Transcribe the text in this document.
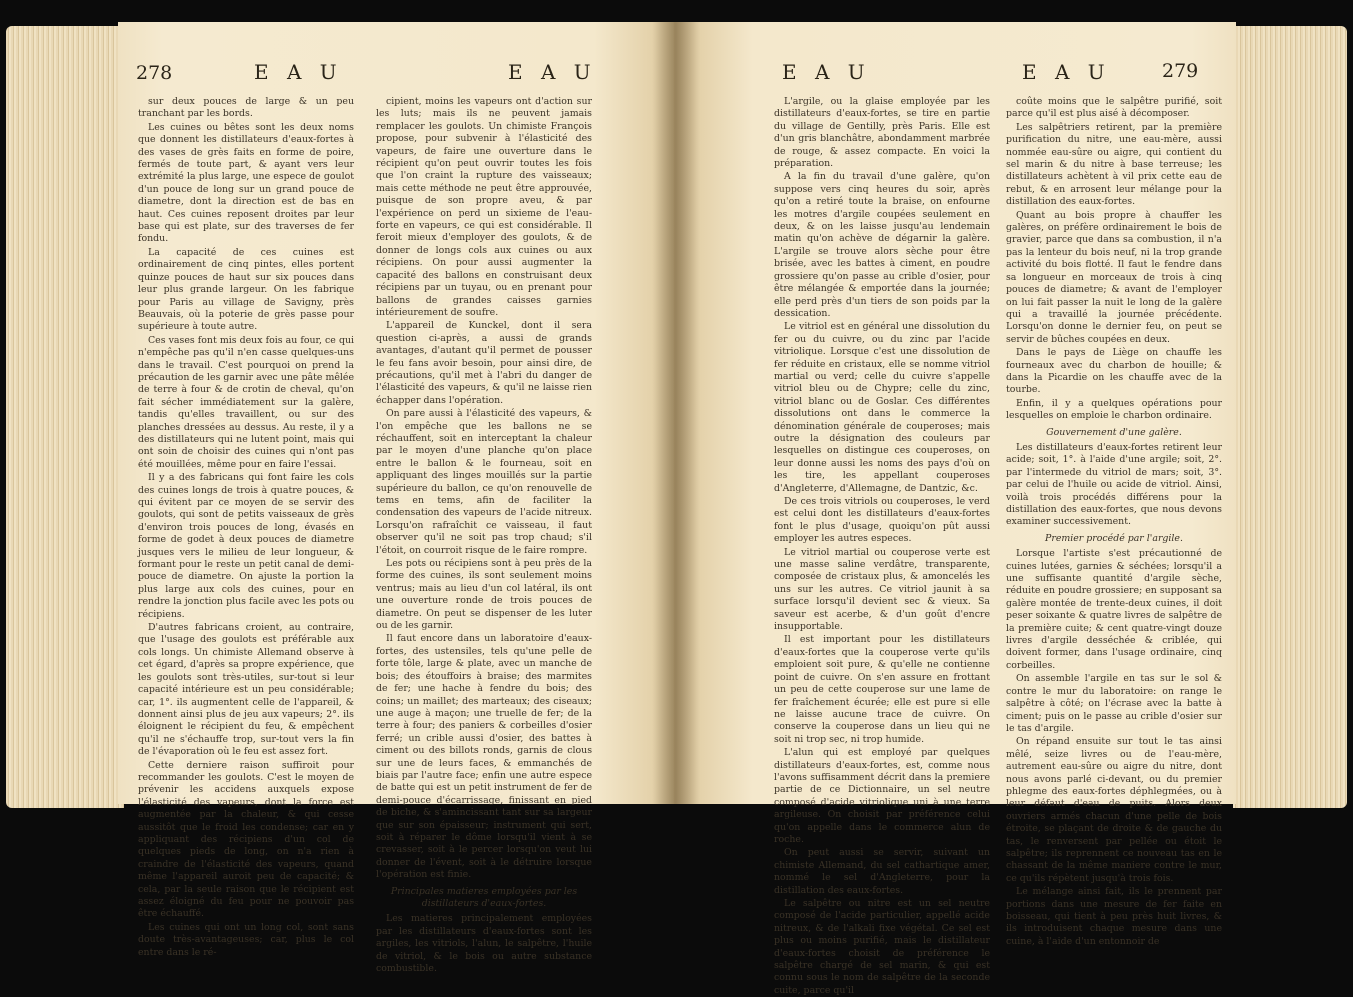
278	E A U	E A U

sur deux pouces de large & un peu tranchant par les bords.

Les cuines ou bêtes sont les deux noms que donnent les distillateurs d'eaux-fortes à des vases de grès faits en forme de poire, fermés de toute part, & ayant vers leur extrémité la plus large, une espece de goulot d'un pouce de long sur un grand pouce de diametre, dont la direction est de bas en haut. Ces cuines reposent droites par leur base qui est plate, sur des traverses de fer fondu.

La capacité de ces cuines est ordinairement de cinq pintes, elles portent quinze pouces de haut sur six pouces dans leur plus grande largeur. On les fabrique pour Paris au village de Savigny, près Beauvais, où la poterie de grès passe pour supérieure à toute autre.

Ces vases font mis deux fois au four, ce qui n'empêche pas qu'il n'en casse quelques-uns dans le travail. C'est pourquoi on prend la précaution de les garnir avec une pâte mêlée de terre à four & de crotin de cheval, qu'on fait sécher immédiatement sur la galère, tandis qu'elles travaillent, ou sur des planches dressées au dessus. Au reste, il y a des distillateurs qui ne lutent point, mais qui ont soin de choisir des cuines qui n'ont pas été mouillées, même pour en faire l'essai.

Il y a des fabricans qui font faire les cols des cuines longs de trois à quatre pouces, & qui évitent par ce moyen de se servir des goulots, qui sont de petits vaisseaux de grès d'environ trois pouces de long, évasés en forme de godet à deux pouces de diametre jusques vers le milieu de leur longueur, & formant pour le reste un petit canal de demi-pouce de diametre. On ajuste la portion la plus large aux cols des cuines, pour en rendre la jonction plus facile avec les pots ou récipiens.

D'autres fabricans croient, au contraire, que l'usage des goulots est préférable aux cols longs. Un chimiste Allemand observe à cet égard, d'après sa propre expérience, que les goulots sont très-utiles, sur-tout si leur capacité intérieure est un peu considérable; car, 1°. ils augmentent celle de l'appareil, & donnent ainsi plus de jeu aux vapeurs; 2°. ils éloignent le récipient du feu, & empêchent qu'il ne s'échauffe trop, sur-tout vers la fin de l'évaporation où le feu est assez fort.

Cette derniere raison suffiroit pour recommander les goulots. C'est le moyen de prévenir les accidens auxquels expose l'élasticité des vapeurs, dont la force est augmentée par la chaleur, & qui cesse aussitôt que le froid les condense; car en y appliquant des récipiens d'un col de quelques pieds de long, on n'a rien à craindre de l'élasticité des vapeurs, quand même l'appareil auroit peu de capacité; & cela, par la seule raison que le récipient est assez éloigné du feu pour ne pouvoir pas être échauffé.

Les cuines qui ont un long col, sont sans doute très-avantageuses; car, plus le col entre dans le ré-

cipient, moins les vapeurs ont d'action sur les luts; mais ils ne peuvent jamais remplacer les goulots. Un chimiste François propose, pour subvenir à l'élasticité des vapeurs, de faire une ouverture dans le récipient qu'on peut ouvrir toutes les fois que l'on craint la rupture des vaisseaux; mais cette méthode ne peut être approuvée, puisque de son propre aveu, & par l'expérience on perd un sixieme de l'eau-forte en vapeurs, ce qui est considérable. Il feroit mieux d'employer des goulots, & de donner de longs cols aux cuines ou aux récipiens. On pour aussi augmenter la capacité des ballons en construisant deux récipiens par un tuyau, ou en prenant pour ballons de grandes caisses garnies intérieurement de soufre.

L'appareil de Kunckel, dont il sera question ci-après, a aussi de grands avantages, d'autant qu'il permet de pousser le feu fans avoir besoin, pour ainsi dire, de précautions, qu'il met à l'abri du danger de l'élasticité des vapeurs, & qu'il ne laisse rien échapper dans l'opération.

On pare aussi à l'élasticité des vapeurs, & l'on empêche que les ballons ne se réchauffent, soit en interceptant la chaleur par le moyen d'une planche qu'on place entre le ballon & le fourneau, soit en appliquant des linges mouillés sur la partie supérieure du ballon, ce qu'on renouvelle de tems en tems, afin de faciliter la condensation des vapeurs de l'acide nitreux. Lorsqu'on rafraîchit ce vaisseau, il faut observer qu'il ne soit pas trop chaud; s'il l'étoit, on courroit risque de le faire rompre.

Les pots ou récipiens sont à peu près de la forme des cuines, ils sont seulement moins ventrus; mais au lieu d'un col latéral, ils ont une ouverture ronde de trois pouces de diametre. On peut se dispenser de les luter ou de les garnir.

Il faut encore dans un laboratoire d'eaux-fortes, des ustensiles, tels qu'une pelle de forte tôle, large & plate, avec un manche de bois; des étouffoirs à braise; des marmites de fer; une hache à fendre du bois; des coins; un maillet; des marteaux; des ciseaux; une auge à maçon; une truelle de fer; de la terre à four; des paniers & corbeilles d'osier ferré; un crible aussi d'osier, des battes à ciment ou des billots ronds, garnis de clous sur une de leurs faces, & emmanchés de biais par l'autre face; enfin une autre espece de batte qui est un petit instrument de fer de demi-pouce d'écarrissage, finissant en pied de biche, & s'amincissant tant sur sa largeur que sur son épaisseur; instrument qui sert, soit à réparer le dôme lorsqu'il vient à se crevasser, soit à le percer lorsqu'on veut lui donner de l'évent, soit à le détruire lorsque l'opération est finie.

Principales matieres employées par les distillateurs d'eaux-fortes.

Les matieres principalement employées par les distillateurs d'eaux-fortes sont les argiles, les vitriols, l'alun, le salpêtre, l'huile de vitriol, & le bois ou autre substance combustible.

E A U	E A U	279

L'argile, ou la glaise employée par les distillateurs d'eaux-fortes, se tire en partie du village de Gentilly, près Paris. Elle est d'un gris blanchâtre, abondamment marbrée de rouge, & assez compacte. En voici la préparation.

A la fin du travail d'une galère, qu'on suppose vers cinq heures du soir, après qu'on a retiré toute la braise, on enfourne les motres d'argile coupées seulement en deux, & on les laisse jusqu'au lendemain matin qu'on achève de dégarnir la galère. L'argile se trouve alors sèche pour être brisée, avec les battes à ciment, en poudre grossiere qu'on passe au crible d'osier, pour être mélangée & emportée dans la journée; elle perd près d'un tiers de son poids par la dessication.

Le vitriol est en général une dissolution du fer ou du cuivre, ou du zinc par l'acide vitriolique. Lorsque c'est une dissolution de fer réduite en cristaux, elle se nomme vitriol martial ou verd; celle du cuivre s'appelle vitriol bleu ou de Chypre; celle du zinc, vitriol blanc ou de Goslar. Ces différentes dissolutions ont dans le commerce la dénomination générale de couperoses; mais outre la désignation des couleurs par lesquelles on distingue ces couperoses, on leur donne aussi les noms des pays d'où on les tire, les appellant couperoses d'Angleterre, d'Allemagne, de Dantzic, &c.

De ces trois vitriols ou couperoses, le verd est celui dont les distillateurs d'eaux-fortes font le plus d'usage, quoiqu'on pût aussi employer les autres especes.

Le vitriol martial ou couperose verte est une masse saline verdâtre, transparente, composée de cristaux plus, & amoncelés les uns sur les autres. Ce vitriol jaunit à sa surface lorsqu'il devient sec & vieux. Sa saveur est acerbe, & d'un goût d'encre insupportable.

Il est important pour les distillateurs d'eaux-fortes que la couperose verte qu'ils emploient soit pure, & qu'elle ne contienne point de cuivre. On s'en assure en frottant un peu de cette couperose sur une lame de fer fraîchement écurée; elle est pure si elle ne laisse aucune trace de cuivre. On conserve la couperose dans un lieu qui ne soit ni trop sec, ni trop humide.

L'alun qui est employé par quelques distillateurs d'eaux-fortes, est, comme nous l'avons suffisamment décrit dans la premiere partie de ce Dictionnaire, un sel neutre composé d'acide vitriolique uni à une terre argileuse. On choisit par préférence celui qu'on appelle dans le commerce alun de roche.

On peut aussi se servir, suivant un chimiste Allemand, du sel cathartique amer, nommé le sel d'Angleterre, pour la distillation des eaux-fortes.

Le salpêtre ou nitre est un sel neutre composé de l'acide particulier, appellé acide nitreux, & de l'alkali fixe végétal. Ce sel est plus ou moins purifié, mais le distillateur d'eaux-fortes choisit de préférence le salpêtre chargé de sel marin, & qui est connu sous le nom de salpêtre de la seconde cuite, parce qu'il

coûte moins que le salpêtre purifié, soit parce qu'il est plus aisé à décomposer.

Les salpêtriers retirent, par la première purification du nitre, une eau-mère, aussi nommée eau-sûre ou aigre, qui contient du sel marin & du nitre à base terreuse; les distillateurs achètent à vil prix cette eau de rebut, & en arrosent leur mélange pour la distillation des eaux-fortes.

Quant au bois propre à chauffer les galères, on préfère ordinairement le bois de gravier, parce que dans sa combustion, il n'a pas la lenteur du bois neuf, ni la trop grande activité du bois flotté. Il faut le fendre dans sa longueur en morceaux de trois à cinq pouces de diametre; & avant de l'employer on lui fait passer la nuit le long de la galère qui a travaillé la journée précédente. Lorsqu'on donne le dernier feu, on peut se servir de bûches coupées en deux.

Dans le pays de Liège on chauffe les fourneaux avec du charbon de houille; & dans la Picardie on les chauffe avec de la tourbe.

Enfin, il y a quelques opérations pour lesquelles on emploie le charbon ordinaire.

Gouvernement d'une galère.

Les distillateurs d'eaux-fortes retirent leur acide; soit, 1°. à l'aide d'une argile; soit, 2°. par l'intermede du vitriol de mars; soit, 3°. par celui de l'huile ou acide de vitriol. Ainsi, voilà trois procédés différens pour la distillation des eaux-fortes, que nous devons examiner successivement.

Premier procédé par l'argile.

Lorsque l'artiste s'est précautionné de cuines lutées, garnies & séchées; lorsqu'il a une suffisante quantité d'argile sèche, réduite en poudre grossiere; en supposant sa galère montée de trente-deux cuines, il doit peser soixante & quatre livres de salpêtre de la première cuite; & cent quatre-vingt douze livres d'argile desséchée & criblée, qui doivent former, dans l'usage ordinaire, cinq corbeilles.

On assemble l'argile en tas sur le sol & contre le mur du laboratoire: on range le salpêtre à côté; on l'écrase avec la batte à ciment; puis on le passe au crible d'osier sur le tas d'argile.

On répand ensuite sur tout le tas ainsi mêlé, seize livres ou de l'eau-mère, autrement eau-sûre ou aigre du nitre, dont nous avons parlé ci-devant, ou du premier phlegme des eaux-fortes déphlegmées, ou à leur défaut d'eau de puits. Alors deux ouvriers armés chacun d'une pelle de bois étroite, se plaçant de droite & de gauche du tas, le renversent par pellée ou étoit le salpêtre; ils reprennent ce nouveau tas en le chassant de la même maniere contre le mur, ce qu'ils répètent jusqu'à trois fois.

Le mélange ainsi fait, ils le prennent par portions dans une mesure de fer faite en boisseau, qui tient à peu près huit livres, & ils introduisent chaque mesure dans une cuine, à l'aide d'un entonnoir de
